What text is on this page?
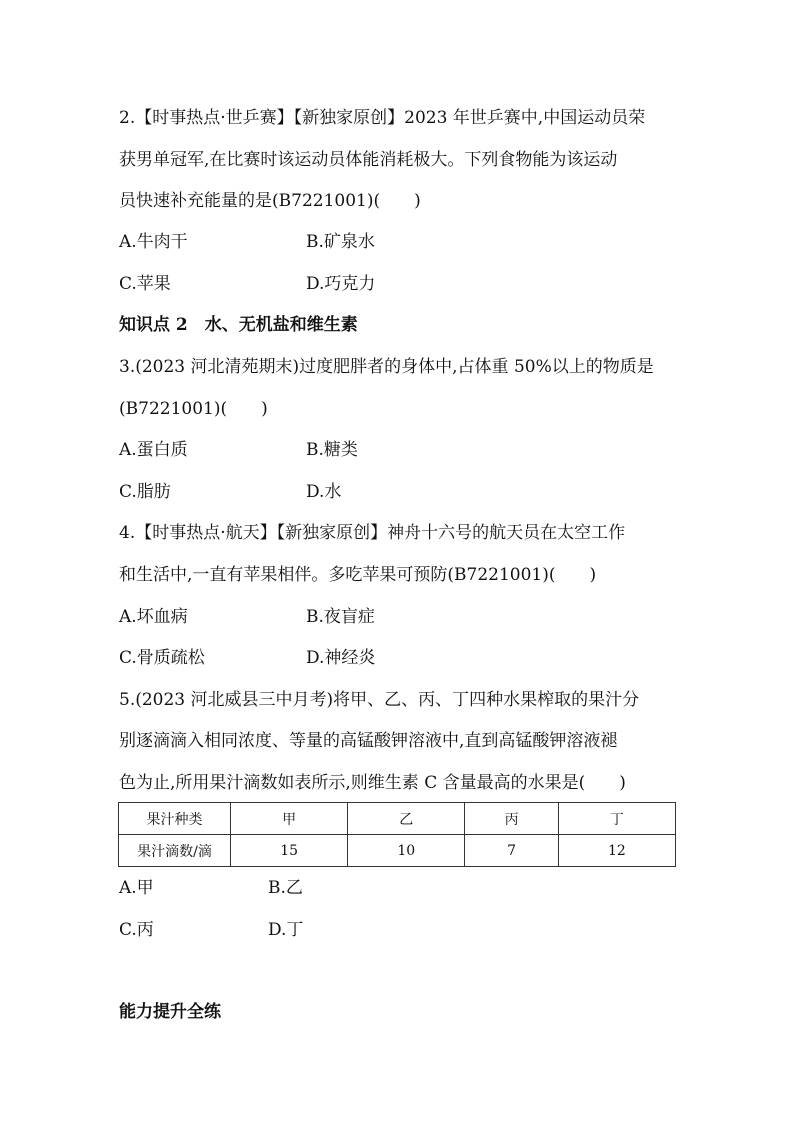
2.【时事热点·世乒赛】【新独家原创】2023 年世乒赛中,中国运动员荣
获男单冠军,在比赛时该运动员体能消耗极大。下列食物能为该运动
员快速补充能量的是(B7221001)(　　)
A.牛肉干	B.矿泉水
C.苹果	D.巧克力
知识点 2　水、无机盐和维生素
3.(2023 河北清苑期末)过度肥胖者的身体中,占体重 50%以上的物质是
(B7221001)(　　)
A.蛋白质	B.糖类
C.脂肪	D.水
4.【时事热点·航天】【新独家原创】神舟十六号的航天员在太空工作
和生活中,一直有苹果相伴。多吃苹果可预防(B7221001)(　　)
A.坏血病	B.夜盲症
C.骨质疏松	D.神经炎
5.(2023 河北威县三中月考)将甲、乙、丙、丁四种水果榨取的果汁分
别逐滴滴入相同浓度、等量的高锰酸钾溶液中,直到高锰酸钾溶液褪
色为止,所用果汁滴数如表所示,则维生素 C 含量最高的水果是(　　)
果汁种类	甲	乙	丙	丁
果汁滴数/滴	15	10	7	12
A.甲	B.乙
C.丙	D.丁
能力提升全练
